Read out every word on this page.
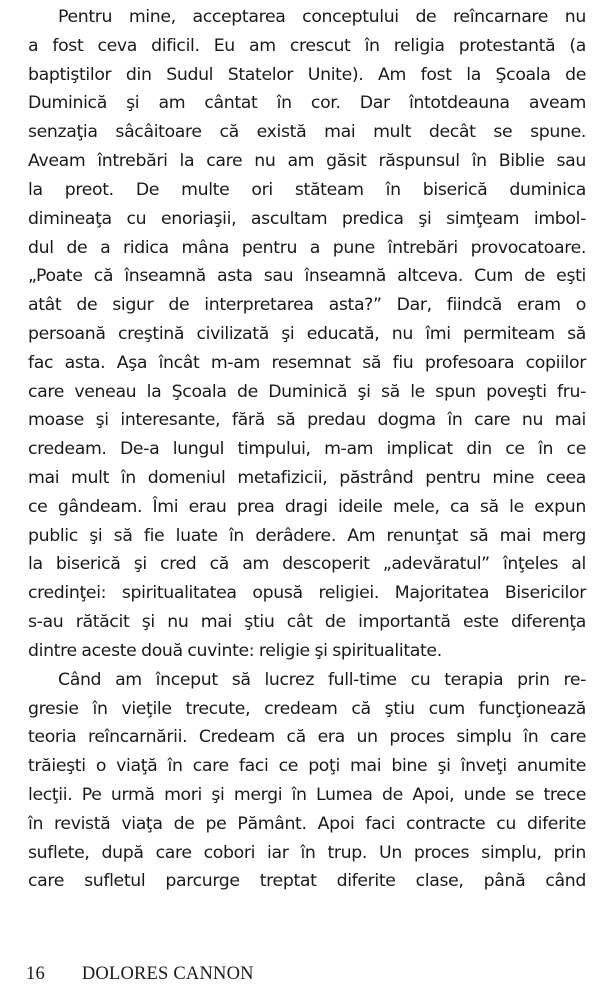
Pentru mine, acceptarea conceptului de reîncarnare nu
a fost ceva dificil. Eu am crescut în religia protestantă (a
baptiştilor din Sudul Statelor Unite). Am fost la Şcoala de
Duminică şi am cântat în cor. Dar întotdeauna aveam
senzaţia sâcâitoare că există mai mult decât se spune.
Aveam întrebări la care nu am găsit răspunsul în Biblie sau
la preot. De multe ori stăteam în biserică duminica
dimineaţa cu enoriaşii, ascultam predica şi simţeam imbol-
dul de a ridica mâna pentru a pune întrebări provocatoare.
„Poate că înseamnă asta sau înseamnă altceva. Cum de eşti
atât de sigur de interpretarea asta?” Dar, fiindcă eram o
persoană creştină civilizată şi educată, nu îmi permiteam să
fac asta. Aşa încât m-am resemnat să fiu profesoara copiilor
care veneau la Şcoala de Duminică şi să le spun poveşti fru-
moase şi interesante, fără să predau dogma în care nu mai
credeam. De-a lungul timpului, m-am implicat din ce în ce
mai mult în domeniul metafizicii, păstrând pentru mine ceea
ce gândeam. Îmi erau prea dragi ideile mele, ca să le expun
public şi să fie luate în derâdere. Am renunţat să mai merg
la biserică şi cred că am descoperit „adevăratul” înţeles al
credinţei: spiritualitatea opusă religiei. Majoritatea Bisericilor
s-au rătăcit şi nu mai ştiu cât de importantă este diferenţa
dintre aceste două cuvinte: religie şi spiritualitate.

Când am început să lucrez full-time cu terapia prin re-
gresie în vieţile trecute, credeam că ştiu cum funcţionează
teoria reîncarnării. Credeam că era un proces simplu în care
trăieşti o viaţă în care faci ce poţi mai bine şi înveţi anumite
lecţii. Pe urmă mori şi mergi în Lumea de Apoi, unde se trece
în revistă viaţa de pe Pământ. Apoi faci contracte cu diferite
suflete, după care cobori iar în trup. Un proces simplu, prin
care sufletul parcurge treptat diferite clase, până când

16 DOLORES CANNON
